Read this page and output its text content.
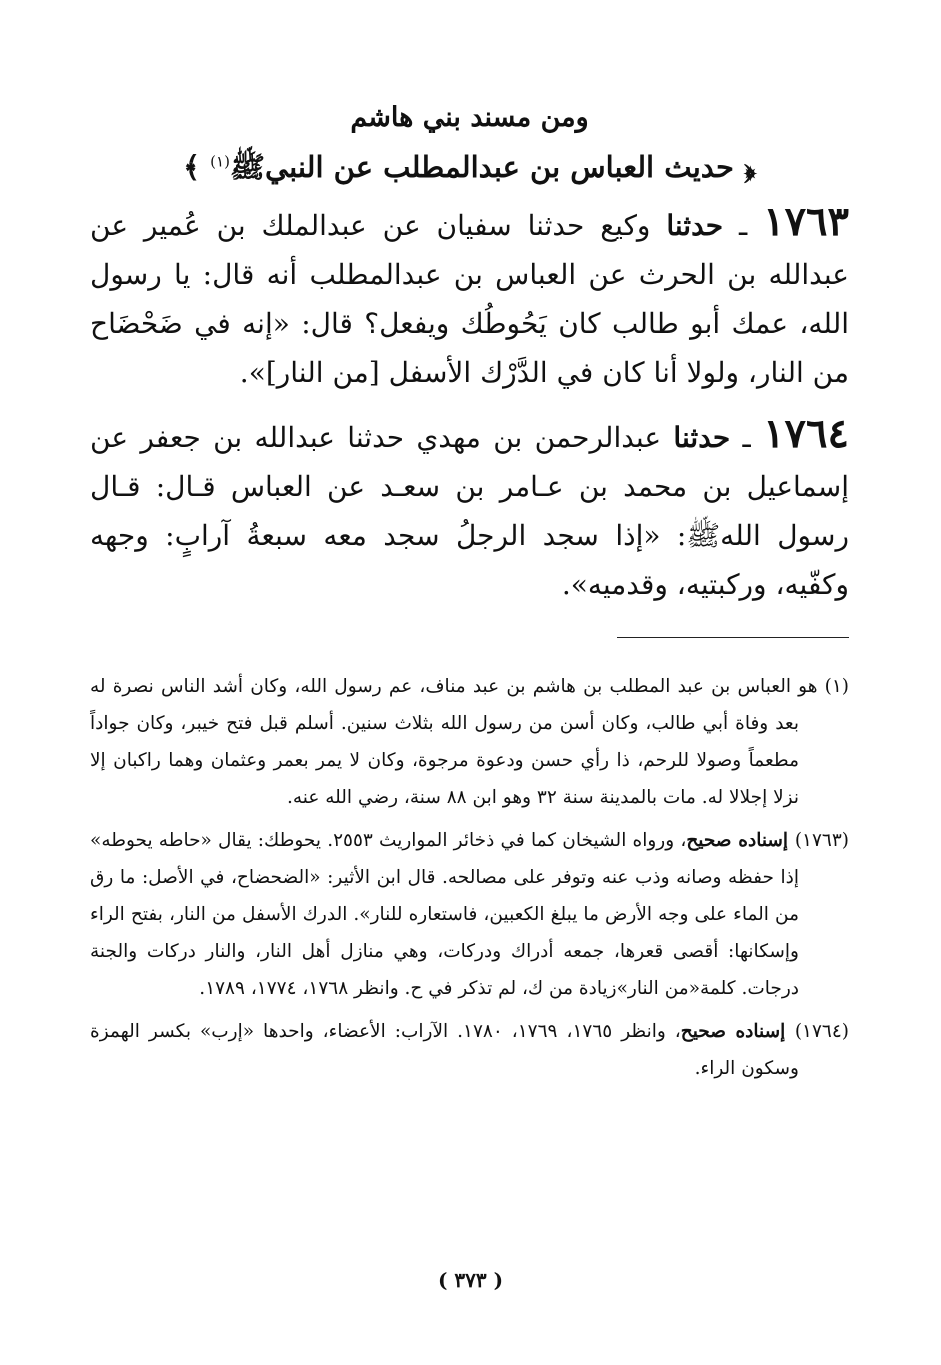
ومن مسند بني هاشم
﴿ حديث العباس بن عبدالمطلب عن النبيﷺ$^{(١)}$ ﴾

١٧٦٣ ـ حدثنا وكيع حدثنا سفيان عن عبدالملك بن عُمير عن عبدالله بن الحرث عن العباس بن عبدالمطلب أنه قال: يا رسول الله، عمك أبو طالب كان يَحُوطُك ويفعل؟ قال: «إنه في ضَحْضَاح من النار، ولولا أنا كان في الدَّرْك الأسفل [من النار]».

١٧٦٤ ـ حدثنا عبدالرحمن بن مهدي حدثنا عبدالله بن جعفر عن إسماعيل بن محمد بن عـامر بن سعـد عن العباس قـال: قـال رسول اللهﷺ: «إذا سجد الرجلُ سجد معه سبعةُ آرابٍ: وجهه وكفّيه، وركبتيه، وقدميه».

(١) هو العباس بن عبد المطلب بن هاشم بن عبد مناف، عم رسول الله، وكان أشد الناس نصرة له بعد وفاة أبي طالب، وكان أسن من رسول الله بثلاث سنين. أسلم قبل فتح خيبر، وكان جواداً مطعماً وصولا للرحم، ذا رأي حسن ودعوة مرجوة، وكان لا يمر بعمر وعثمان وهما راكبان إلا نزلا إجلالا له. مات بالمدينة سنة ٣٢ وهو ابن ٨٨ سنة، رضي الله عنه.
(١٧٦٣) إسناده صحيح، ورواه الشيخان كما في ذخائر المواريث ٢٥٥٣. يحوطك: يقال «حاطه يحوطه» إذا حفظه وصانه وذب عنه وتوفر على مصالحه. قال ابن الأثير: «الضحضاح، في الأصل: ما رق من الماء على وجه الأرض ما يبلغ الكعبين، فاستعاره للنار». الدرك الأسفل من النار، بفتح الراء وإسكانها: أقصى قعرها، جمعه أدراك ودركات، وهي منازل أهل النار، والنار دركات والجنة درجات. كلمة«من النار»زيادة من ك، لم تذكر في ح. وانظر ١٧٦٨، ١٧٧٤، ١٧٨٩.
(١٧٦٤) إسناده صحيح، وانظر ١٧٦٥، ١٧٦٩، ١٧٨٠. الآراب: الأعضاء، واحدها «إرب» بكسر الهمزة وسكون الراء.
( ٣٧٣ )
